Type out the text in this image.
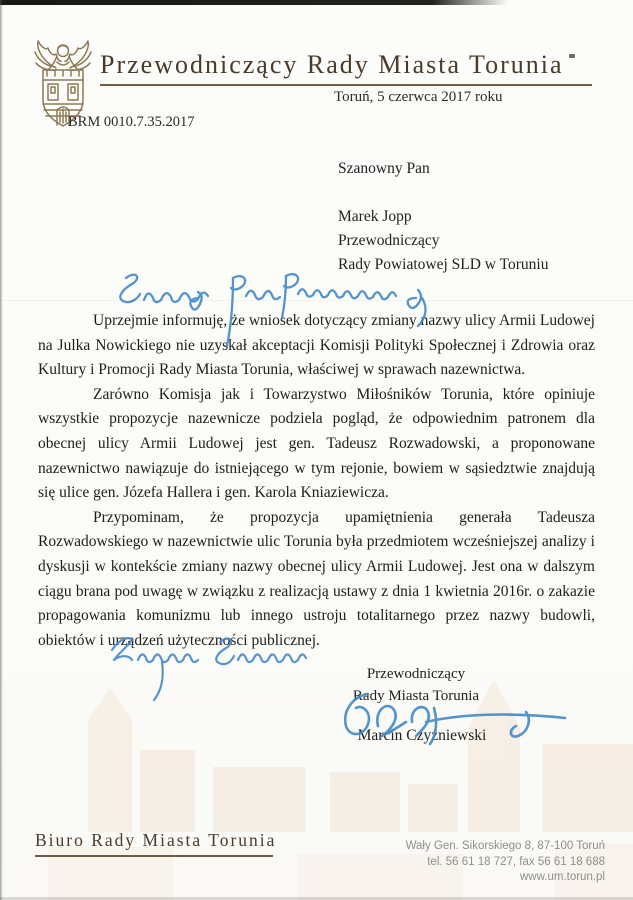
Przewodniczący Rady Miasta Torunia
Toruń, 5 czerwca 2017 roku
BRM 0010.7.35.2017
Szanowny Pan
Marek Jopp
Przewodniczący
Rady Powiatowej SLD w Toruniu

Uprzejmie informuję, że wniosek dotyczący zmiany nazwy ulicy Armii Ludowej na Julka Nowickiego nie uzyskał akceptacji Komisji Polityki Społecznej i Zdrowia oraz Kultury i Promocji Rady Miasta Torunia, właściwej w sprawach nazewnictwa.

Zarówno Komisja jak i Towarzystwo Miłośników Torunia, które opiniuje wszystkie propozycje nazewnicze podziela pogląd, że odpowiednim patronem dla obecnej ulicy Armii Ludowej jest gen. Tadeusz Rozwadowski, a proponowane nazewnictwo nawiązuje do istniejącego w tym rejonie, bowiem w sąsiedztwie znajdują się ulice gen. Józefa Hallera i gen. Karola Kniaziewicza.

Przypominam, że propozycja upamiętnienia generała Tadeusza Rozwadowskiego w nazewnictwie ulic Torunia była przedmiotem wcześniejszej analizy i dyskusji w kontekście zmiany nazwy obecnej ulicy Armii Ludowej. Jest ona w dalszym ciągu brana pod uwagę w związku z realizacją ustawy z dnia 1 kwietnia 2016r. o zakazie propagowania komunizmu lub innego ustroju totalitarnego przez nazwy budowli, obiektów i urządzeń użyteczności publicznej.

Przewodniczący
Rady Miasta Torunia
Marcin Czyżniewski
Biuro Rady Miasta Torunia	Wały Gen. Sikorskiego 8, 87-100 Toruń
tel. 56 61 18 727, fax 56 61 18 688
www.um.torun.pl
